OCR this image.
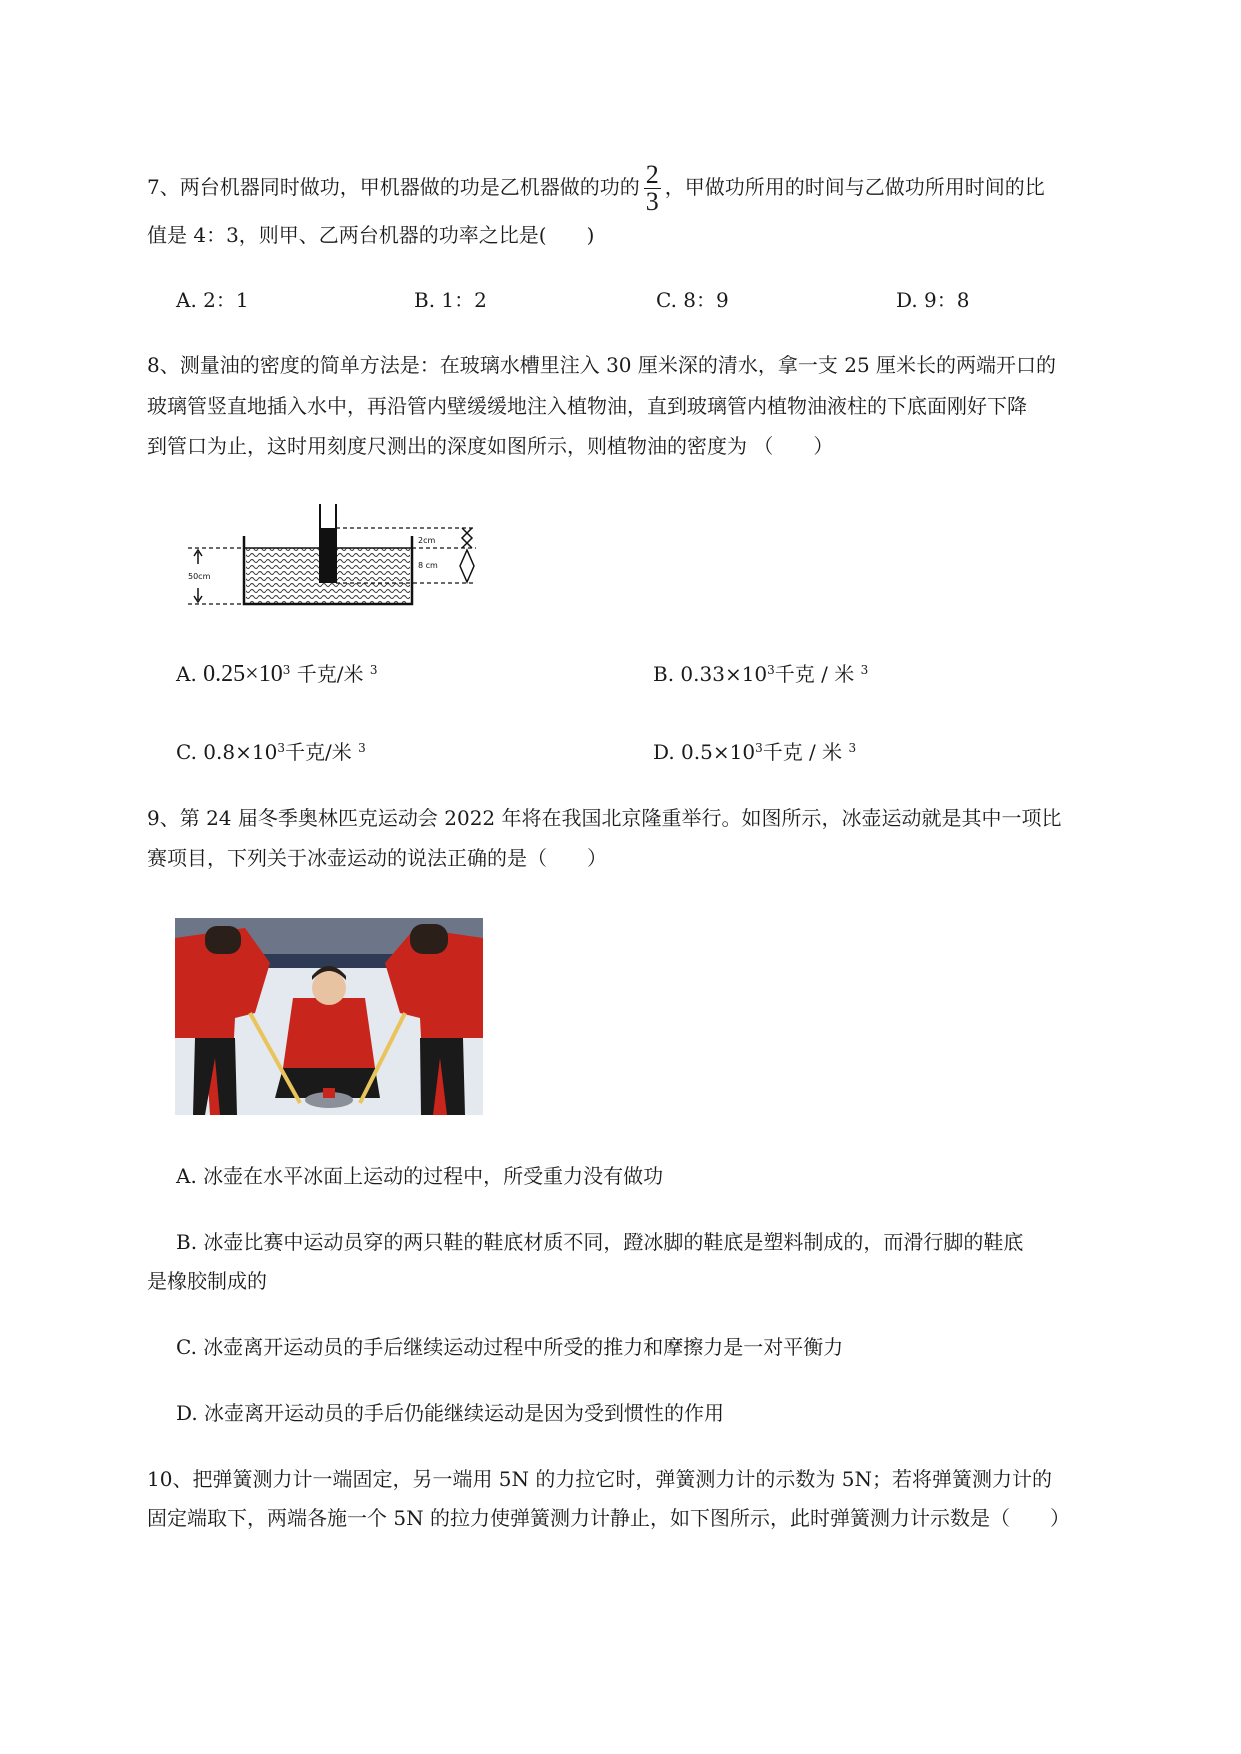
7、两台机器同时做功，甲机器做的功是乙机器做的功的 $\frac{2}{3}$ ，甲做功所用的时间与乙做功所用时间的比
值是 4：3，则甲、乙两台机器的功率之比是(　　)
A. 2：1	B. 1：2	C. 8：9	D. 9：8
8、测量油的密度的简单方法是：在玻璃水槽里注入 30 厘米深的清水，拿一支 25 厘米长的两端开口的
玻璃管竖直地插入水中，再沿管内壁缓缓地注入植物油，直到玻璃管内植物油液柱的下底面刚好下降
到管口为止，这时用刻度尺测出的深度如图所示，则植物油的密度为 （　　）
50cm
2cm
8 cm
A. $0.25\times 10^3$ 千克/米 $^3$	B. $0.33\times 10^3$千克 / 米 $^3$
C. $0.8\times 10^3$千克/米 $^3$	D. $0.5\times 10^3$千克 / 米 $^3$
9、第 24 届冬季奥林匹克运动会 2022 年将在我国北京隆重举行。如图所示，冰壶运动就是其中一项比
赛项目，下列关于冰壶运动的说法正确的是（　　）
A. 冰壶在水平冰面上运动的过程中，所受重力没有做功
B. 冰壶比赛中运动员穿的两只鞋的鞋底材质不同，蹬冰脚的鞋底是塑料制成的，而滑行脚的鞋底
是橡胶制成的
C. 冰壶离开运动员的手后继续运动过程中所受的推力和摩擦力是一对平衡力
D. 冰壶离开运动员的手后仍能继续运动是因为受到惯性的作用
10、把弹簧测力计一端固定，另一端用 5N 的力拉它时，弹簧测力计的示数为 5N；若将弹簧测力计的
固定端取下，两端各施一个 5N 的拉力使弹簧测力计静止，如下图所示，此时弹簧测力计示数是（　　）
